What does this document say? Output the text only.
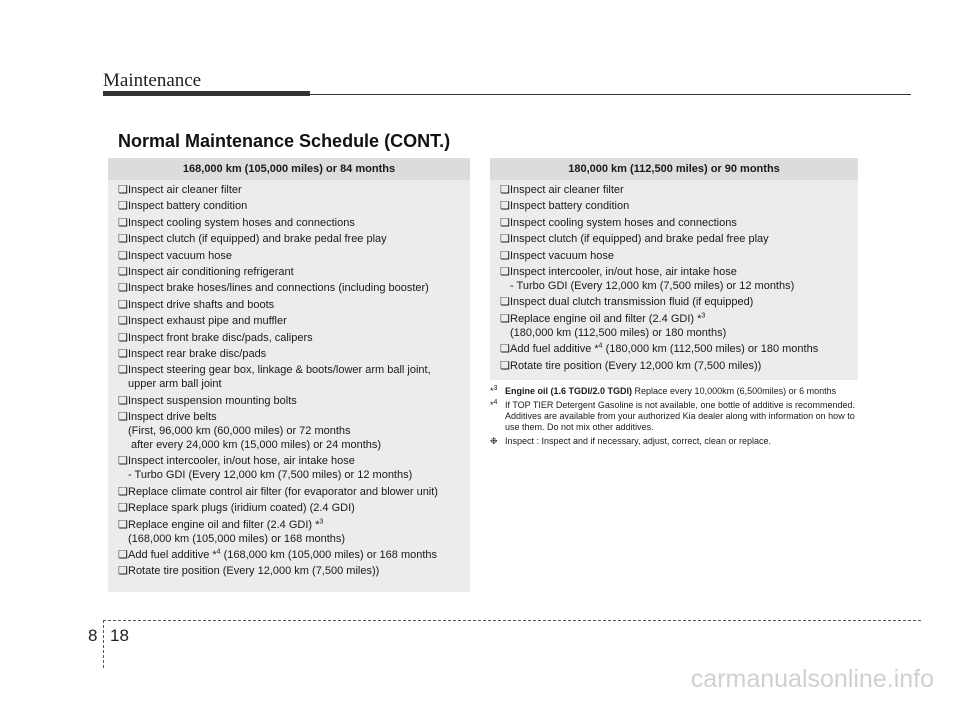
Maintenance
Normal Maintenance Schedule (CONT.)
168,000 km (105,000 miles) or 84 months
❏ Inspect air cleaner filter
❏ Inspect battery condition
❏ Inspect cooling system hoses and connections
❏ Inspect clutch (if equipped) and brake pedal free play
❏ Inspect vacuum hose
❏ Inspect air conditioning refrigerant
❏ Inspect brake hoses/lines and connections (including booster)
❏ Inspect drive shafts and boots
❏ Inspect exhaust pipe and muffler
❏ Inspect front brake disc/pads, calipers
❏ Inspect rear brake disc/pads
❏ Inspect steering gear box, linkage & boots/lower arm ball joint,
upper arm ball joint
❏ Inspect suspension mounting bolts
❏ Inspect drive belts
(First, 96,000 km (60,000 miles) or 72 months
after every 24,000 km (15,000 miles) or 24 months)
❏ Inspect intercooler, in/out hose, air intake hose
- Turbo GDI (Every 12,000 km (7,500 miles) or 12 months)
❏ Replace climate control air filter (for evaporator and blower unit)
❏ Replace spark plugs (iridium coated) (2.4 GDI)
❏ Replace engine oil and filter (2.4 GDI) *$^3$
(168,000 km (105,000 miles) or 168 months)
❏ Add fuel additive *$^4$ (168,000 km (105,000 miles) or 168 months
❏ Rotate tire position (Every 12,000 km (7,500 miles))
180,000 km (112,500 miles) or 90 months
❏ Inspect air cleaner filter
❏ Inspect battery condition
❏ Inspect cooling system hoses and connections
❏ Inspect clutch (if equipped) and brake pedal free play
❏ Inspect vacuum hose
❏ Inspect intercooler, in/out hose, air intake hose
- Turbo GDI (Every 12,000 km (7,500 miles) or 12 months)
❏ Inspect dual clutch transmission fluid (if equipped)
❏ Replace engine oil and filter (2.4 GDI) *$^3$
(180,000 km (112,500 miles) or 180 months)
❏ Add fuel additive *$^4$ (180,000 km (112,500 miles) or 180 months
❏ Rotate tire position (Every 12,000 km (7,500 miles))
*$^3$ Engine oil (1.6 TGDI/2.0 TGDI) Replace every 10,000km (6,500miles) or 6 months
*$^4$ If TOP TIER Detergent Gasoline is not available, one bottle of additive is recommended. Additives are available from your authorized Kia dealer along with information on how to use them. Do not mix other additives.
❉ Inspect : Inspect and if necessary, adjust, correct, clean or replace.
8 18
carmanualsonline.info
